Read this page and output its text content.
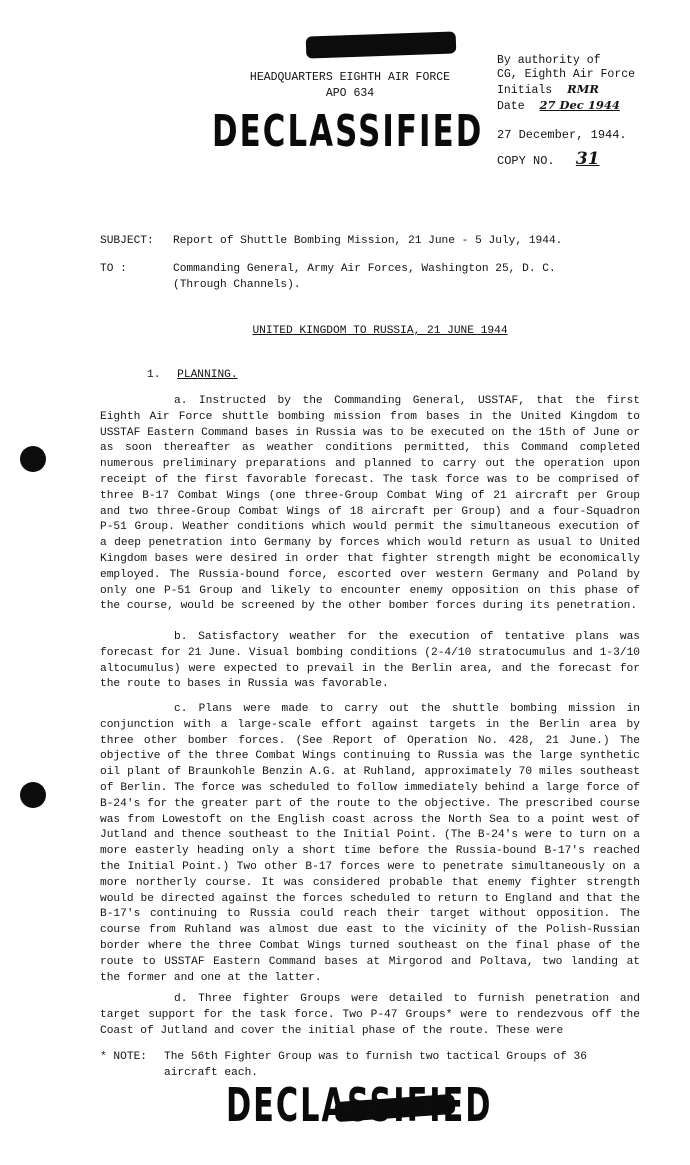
HEADQUARTERS EIGHTH AIR FORCE
APO 634
DECLASSIFIED
By authority of
CG, Eighth Air Force
Initials RMR
Date 27 Dec 1944
27 December, 1944.
COPY NO. 31
SUBJECT:	Report of Shuttle Bombing Mission, 21 June - 5 July, 1944.
TO :	Commanding General, Army Air Forces, Washington 25, D. C.
(Through Channels).
UNITED KINGDOM TO RUSSIA, 21 JUNE 1944
1. PLANNING.

a. Instructed by the Commanding General, USSTAF, that the first Eighth Air Force shuttle bombing mission from bases in the United Kingdom to USSTAF Eastern Command bases in Russia was to be executed on the 15th of June or as soon thereafter as weather conditions permitted, this Command completed numerous preliminary preparations and planned to carry out the operation upon receipt of the first favorable forecast. The task force was to be comprised of three B-17 Combat Wings (one three-Group Combat Wing of 21 aircraft per Group and two three-Group Combat Wings of 18 aircraft per Group) and a four-Squadron P-51 Group. Weather conditions which would permit the simultaneous execution of a deep penetration into Germany by forces which would return as usual to United Kingdom bases were desired in order that fighter strength might be economically employed. The Russia-bound force, escorted over western Germany and Poland by only one P-51 Group and likely to encounter enemy opposition on this phase of the course, would be screened by the other bomber forces during its penetration.

b. Satisfactory weather for the execution of tentative plans was forecast for 21 June. Visual bombing conditions (2-4/10 stratocumulus and 1-3/10 altocumulus) were expected to prevail in the Berlin area, and the forecast for the route to bases in Russia was favorable.

c. Plans were made to carry out the shuttle bombing mission in conjunction with a large-scale effort against targets in the Berlin area by three other bomber forces. (See Report of Operation No. 428, 21 June.) The objective of the three Combat Wings continuing to Russia was the large synthetic oil plant of Braunkohle Benzin A.G. at Ruhland, approximately 70 miles southeast of Berlin. The force was scheduled to follow immediately behind a large force of B-24's for the greater part of the route to the objective. The prescribed course was from Lowestoft on the English coast across the North Sea to a point west of Jutland and thence southeast to the Initial Point. (The B-24's were to turn on a more easterly heading only a short time before the Russia-bound B-17's reached the Initial Point.) Two other B-17 forces were to penetrate simultaneously on a more northerly course. It was considered probable that enemy fighter strength would be directed against the forces scheduled to return to England and that the B-17's continuing to Russia could reach their target without opposition. The course from Ruhland was almost due east to the vicinity of the Polish-Russian border where the three Combat Wings turned southeast on the final phase of the route to USSTAF Eastern Command bases at Mirgorod and Poltava, two landing at the former and one at the latter.

d. Three fighter Groups were detailed to furnish penetration and target support for the task force. Two P-47 Groups* were to rendezvous off the Coast of Jutland and cover the initial phase of the route. These were

* NOTE:	The 56th Fighter Group was to furnish two tactical Groups of 36
aircraft each.
DECLASSIFIED
